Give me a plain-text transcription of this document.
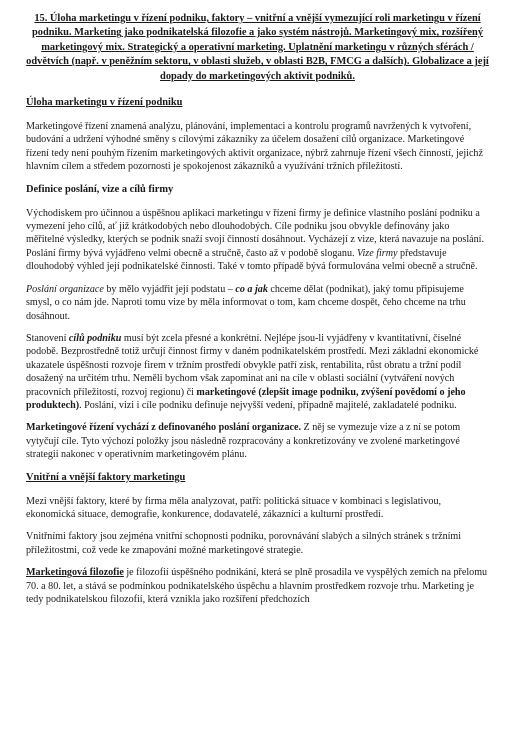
15. Úloha marketingu v řízení podniku, faktory – vnitřní a vnější vymezující roli marketingu v řízení podniku. Marketing jako podnikatelská filozofie a jako systém nástrojů. Marketingový mix, rozšířený marketingový mix. Strategický a operativní marketing. Uplatnění marketingu v různých sférách / odvětvích (např. v peněžním sektoru, v oblasti služeb, v oblasti B2B, FMCG a dalších). Globalizace a její dopady do marketingových aktivit podniků.
Úloha marketingu v řízení podniku

Marketingové řízení znamená analýzu, plánování, implementaci a kontrolu programů navržených k vytvoření, budování a udržení výhodné směny s cílovými zákazníky za účelem dosažení cílů organizace. Marketingové řízení tedy není pouhým řízením marketingových aktivit organizace, nýbrž zahrnuje řízení všech činností, jejichž hlavním cílem a středem pozornosti je spokojenost zákazníků a využívání tržních příležitostí.

Definice poslání, vize a cílů firmy

Východiskem pro účinnou a úspěšnou aplikaci marketingu v řízení firmy je definice vlastního poslání podniku a vymezení jeho cílů, ať již krátkodobých nebo dlouhodobých. Cíle podniku jsou obvykle definovány jako měřitelné výsledky, kterých se podnik snaží svojí činností dosáhnout. Vycházejí z vize, která navazuje na poslání. Poslání firmy bývá vyjádřeno velmi obecně a stručně, často až v podobě sloganu. Vize firmy představuje dlouhodobý výhled její podnikatelské činnosti. Také v tomto případě bývá formulována velmi obecně a stručně.

Poslání organizace by mělo vyjádřit její podstatu – co a jak chceme dělat (podnikat), jaký tomu připisujeme smysl, o co nám jde. Naproti tomu vize by měla informovat o tom, kam chceme dospět, čeho chceme na trhu dosáhnout.

Stanovení cílů podniku musí být zcela přesné a konkrétní. Nejlépe jsou-li vyjádřeny v kvantitativní, číselné podobě. Bezprostředně totiž určují činnost firmy v daném podnikatelském prostředí. Mezi základní ekonomické ukazatele úspěšnosti rozvoje firem v tržním prostředí obvykle patří zisk, rentabilita, růst obratu a tržní podíl dosažený na určitém trhu. Neměli bychom však zapominat ani na cíle v oblasti sociální (vytváření nových pracovních příležitostí, rozvoj regionu) či marketingové (zlepšit image podniku, zvýšení povědomí o jeho produktech). Poslání, vizi i cíle podniku definuje nejvyšší vedení, případně majitelé, zakladatelé podniku.

Marketingové řízení vychází z definovaného poslání organizace. Z něj se vymezuje vize a z ní se potom vytyčují cíle. Tyto výchozí položky jsou následně rozpracovány a konkretizovány ve zvolené marketingové strategii nakonec v operativním marketingovém plánu.

Vnitřní a vnější faktory marketingu

Mezi vnější faktory, které by firma měla analyzovat, patří: politická situace v kombinaci s legislativou, ekonomická situace, demografie, konkurence, dodavatelé, zákazníci a kulturní prostředí.

Vnitřními faktory jsou zejména vnitřní schopnosti podniku, porovnávání slabých a silných stránek s tržními příležitostmi, což vede ke zmapování možné marketingové strategie.

Marketingová filozofie je filozofií úspěšného podnikání, která se plně prosadila ve vyspělých zemích na přelomu 70. a 80. let, a stává se podmínkou podnikatelského úspěchu a hlavním prostředkem rozvoje trhu. Marketing je tedy podnikatelskou filozofií, která vznikla jako rozšíření předchozích
